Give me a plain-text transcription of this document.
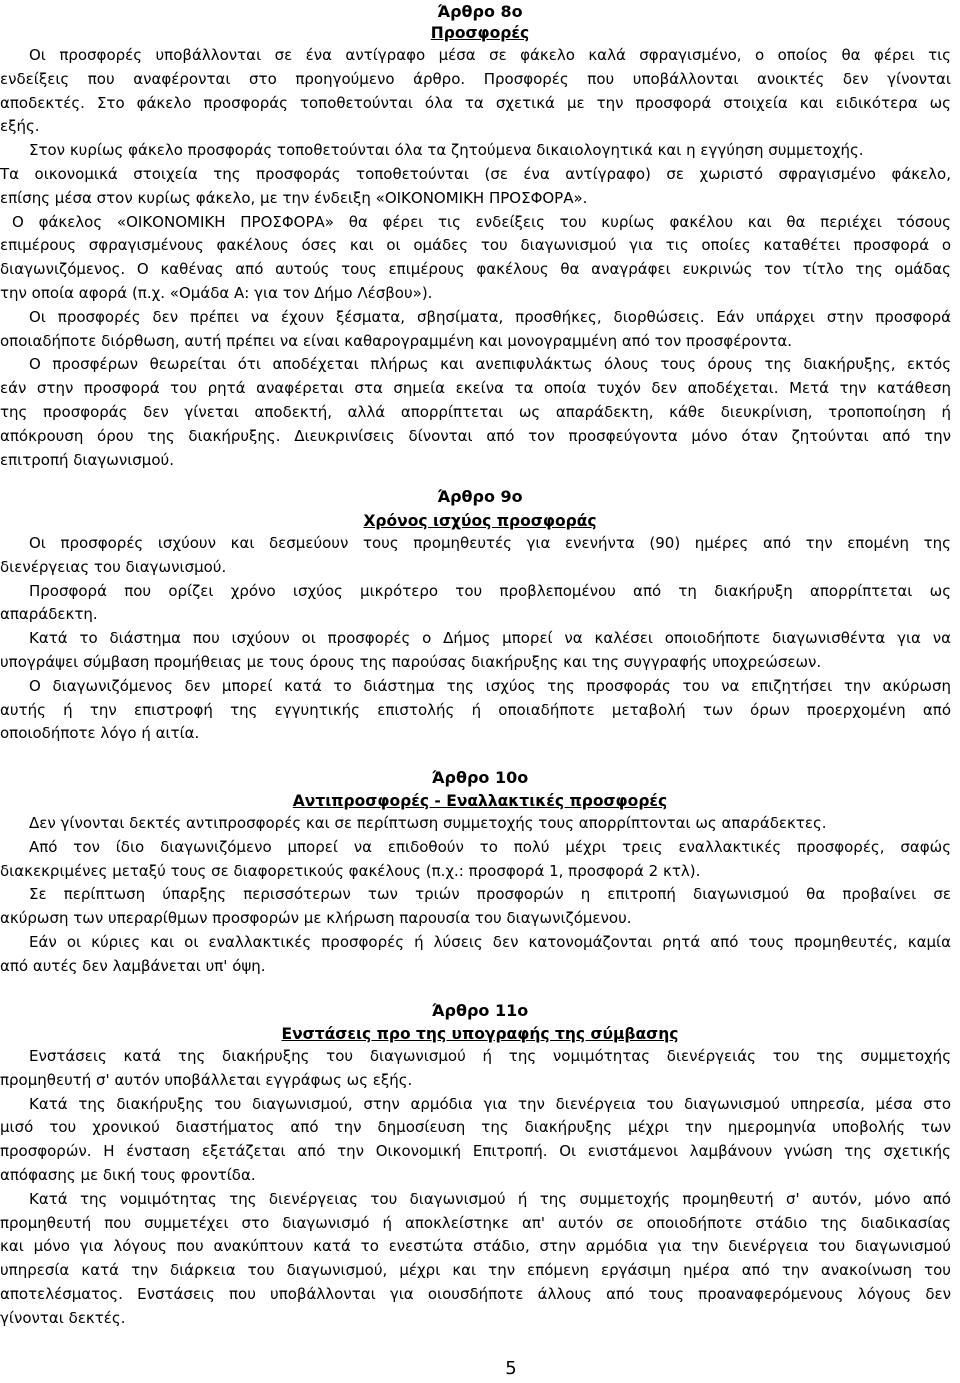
Άρθρο 8ο
Προσφορές
Οι προσφορές υποβάλλονται σε ένα αντίγραφο μέσα σε φάκελο καλά σφραγισμένο, ο οποίος θα φέρει τις
ενδείξεις που αναφέρονται στο προηγούμενο άρθρο. Προσφορές που υποβάλλονται ανοικτές δεν γίνονται
αποδεκτές. Στο φάκελο προσφοράς τοποθετούνται όλα τα σχετικά με την προσφορά στοιχεία και ειδικότερα ως
εξής.
Στον κυρίως φάκελο προσφοράς τοποθετούνται όλα τα ζητούμενα δικαιολογητικά και η εγγύηση συμμετοχής.
Τα οικονομικά στοιχεία της προσφοράς τοποθετούνται (σε ένα αντίγραφο) σε χωριστό σφραγισμένο φάκελο,
επίσης μέσα στον κυρίως φάκελο, με την ένδειξη «ΟΙΚΟΝΟΜΙΚΗ ΠΡΟΣΦΟΡΑ».
Ο φάκελος «ΟΙΚΟΝΟΜΙΚΗ ΠΡΟΣΦΟΡΑ» θα φέρει τις ενδείξεις του κυρίως φακέλου και θα περιέχει τόσους
επιμέρους σφραγισμένους φακέλους όσες και οι ομάδες του διαγωνισμού για τις οποίες καταθέτει προσφορά ο
διαγωνιζόμενος. Ο καθένας από αυτούς τους επιμέρους φακέλους θα αναγράφει ευκρινώς τον τίτλο της ομάδας
την οποία αφορά (π.χ. «Ομάδα Α: για τον Δήμο Λέσβου»).
Οι προσφορές δεν πρέπει να έχουν ξέσματα, σβησίματα, προσθήκες, διορθώσεις. Εάν υπάρχει στην προσφορά
οποιαδήποτε διόρθωση, αυτή πρέπει να είναι καθαρογραμμένη και μονογραμμένη από τον προσφέροντα.
Ο προσφέρων θεωρείται ότι αποδέχεται πλήρως και ανεπιφυλάκτως όλους τους όρους της διακήρυξης, εκτός
εάν στην προσφορά του ρητά αναφέρεται στα σημεία εκείνα τα οποία τυχόν δεν αποδέχεται. Μετά την κατάθεση
της προσφοράς δεν γίνεται αποδεκτή, αλλά απορρίπτεται ως απαράδεκτη, κάθε διευκρίνιση, τροποποίηση ή
απόκρουση όρου της διακήρυξης. Διευκρινίσεις δίνονται από τον προσφεύγοντα μόνο όταν ζητούνται από την
επιτροπή διαγωνισμού.
Άρθρο 9ο
Χρόνος ισχύος προσφοράς
Οι προσφορές ισχύουν και δεσμεύουν τους προμηθευτές για ενενήντα (90) ημέρες από την επομένη της
διενέργειας του διαγωνισμού.
Προσφορά που ορίζει χρόνο ισχύος μικρότερο του προβλεπομένου από τη διακήρυξη απορρίπτεται ως
απαράδεκτη.
Κατά το διάστημα που ισχύουν οι προσφορές ο Δήμος μπορεί να καλέσει οποιοδήποτε διαγωνισθέντα για να
υπογράψει σύμβαση προμήθειας με τους όρους της παρούσας διακήρυξης και της συγγραφής υποχρεώσεων.
Ο διαγωνιζόμενος δεν μπορεί κατά το διάστημα της ισχύος της προσφοράς του να επιζητήσει την ακύρωση
αυτής ή την επιστροφή της εγγυητικής επιστολής ή οποιαδήποτε μεταβολή των όρων προερχομένη από
οποιοδήποτε λόγο ή αιτία.
Άρθρο 10ο
Αντιπροσφορές - Εναλλακτικές προσφορές
Δεν γίνονται δεκτές αντιπροσφορές και σε περίπτωση συμμετοχής τους απορρίπτονται ως απαράδεκτες.
Από τον ίδιο διαγωνιζόμενο μπορεί να επιδοθούν το πολύ μέχρι τρεις εναλλακτικές προσφορές, σαφώς
διακεκριμένες μεταξύ τους σε διαφορετικούς φακέλους (π.χ.: προσφορά 1, προσφορά 2 κτλ).
Σε περίπτωση ύπαρξης περισσότερων των τριών προσφορών η επιτροπή διαγωνισμού θα προβαίνει σε
ακύρωση των υπεραρίθμων προσφορών με κλήρωση παρουσία του διαγωνιζόμενου.
Εάν οι κύριες και οι εναλλακτικές προσφορές ή λύσεις δεν κατονομάζονται ρητά από τους προμηθευτές, καμία
από αυτές δεν λαμβάνεται υπ' όψη.
Άρθρο 11ο
Ενστάσεις προ της υπογραφής της σύμβασης
Ενστάσεις κατά της διακήρυξης του διαγωνισμού ή της νομιμότητας διενέργειάς του της συμμετοχής
προμηθευτή σ' αυτόν υποβάλλεται εγγράφως ως εξής.
Κατά της διακήρυξης του διαγωνισμού, στην αρμόδια για την διενέργεια του διαγωνισμού υπηρεσία, μέσα στο
μισό του χρονικού διαστήματος από την δημοσίευση της διακήρυξης μέχρι την ημερομηνία υποβολής των
προσφορών. Η ένσταση εξετάζεται από την Οικονομική Επιτροπή. Οι ενιστάμενοι λαμβάνουν γνώση της σχετικής
απόφασης με δική τους φροντίδα.
Κατά της νομιμότητας της διενέργειας του διαγωνισμού ή της συμμετοχής προμηθευτή σ' αυτόν, μόνο από
προμηθευτή που συμμετέχει στο διαγωνισμό ή αποκλείστηκε απ' αυτόν σε οποιοδήποτε στάδιο της διαδικασίας
και μόνο για λόγους που ανακύπτουν κατά το ενεστώτα στάδιο, στην αρμόδια για την διενέργεια του διαγωνισμού
υπηρεσία κατά την διάρκεια του διαγωνισμού, μέχρι και την επόμενη εργάσιμη ημέρα από την ανακοίνωση του
αποτελέσματος. Ενστάσεις που υποβάλλονται για οιουσδήποτε άλλους από τους προαναφερόμενους λόγους δεν
γίνονται δεκτές.
5
